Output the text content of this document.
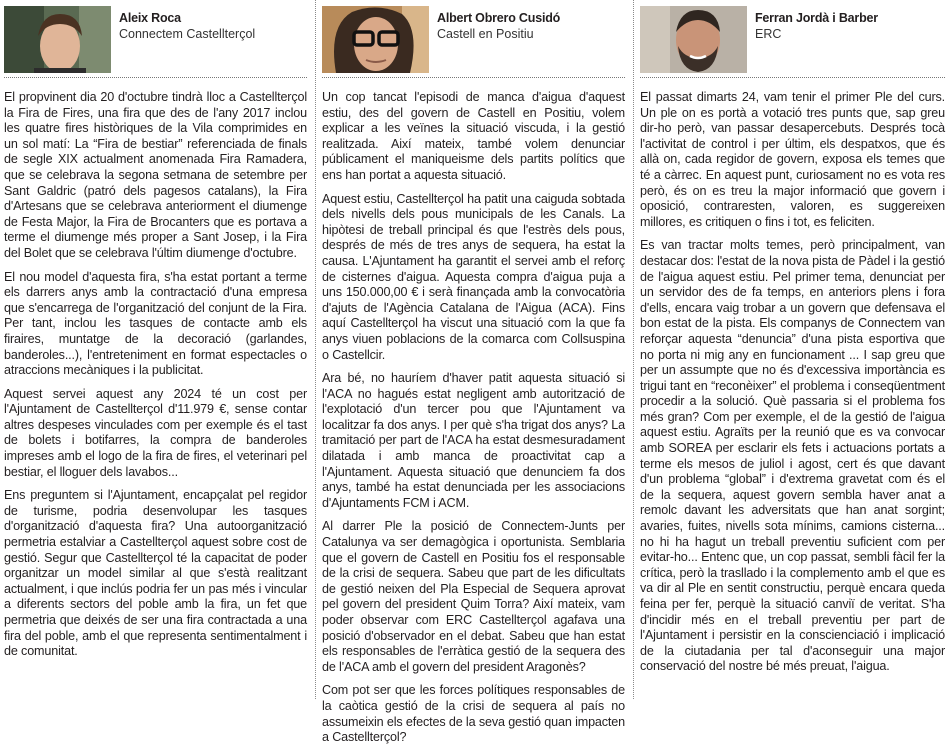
Aleix Roca
Connectem Castellterçol

El propvinent dia 20 d'octubre tindrà lloc a Castellterçol la Fira de Fires, una fira que des de l'any 2017 inclou les quatre fires històriques de la Vila comprimides en un sol matí: La “Fira de bestiar” referenciada de finals de segle XIX actualment anomenada Fira Ramadera, que se celebrava la segona setmana de setembre per Sant Galdric (patró dels pagesos catalans), la Fira d'Artesans que se celebrava anteriorment el diumenge de Festa Major, la Fira de Brocanters que es portava a terme el diumenge més proper a Sant Josep, i la Fira del Bolet que se celebrava l'últim diumenge d'octubre.

El nou model d'aquesta fira, s'ha estat portant a terme els darrers anys amb la contractació d'una empresa que s'encarrega de l'organització del conjunt de la Fira. Per tant, inclou les tasques de contacte amb els firaires, muntatge de la decoració (garlandes, banderoles...), l'entreteniment en format espectacles o atraccions mecàniques i la publicitat.

Aquest servei aquest any 2024 té un cost per l'Ajuntament de Castellterçol d'11.979 €, sense contar altres despeses vinculades com per exemple és el tast de bolets i botifarres, la compra de banderoles impreses amb el logo de la fira de fires, el veterinari pel bestiar, el lloguer dels lavabos...

Ens preguntem si l'Ajuntament, encapçalat pel regidor de turisme, podria desenvolupar les tasques d'organització d'aquesta fira? Una autoorganització permetria estalviar a Castellterçol aquest sobre cost de gestió. Segur que Castellterçol té la capacitat de poder organitzar un model similar al que s'està realitzant actualment, i que inclús podria fer un pas més i vincular a diferents sectors del poble amb la fira, un fet que permetria que deixés de ser una fira contractada a una fira del poble, amb el que representa sentimentalment i de comunitat.

Albert Obrero Cusidó
Castell en Positiu

Un cop tancat l'episodi de manca d'aigua d'aquest estiu, des del govern de Castell en Positiu, volem explicar a les veïnes la situació viscuda, i la gestió realitzada. Així mateix, també volem denunciar públicament el maniqueisme dels partits polítics que ens han portat a aquesta situació.

Aquest estiu, Castellterçol ha patit una caiguda sobtada dels nivells dels pous municipals de les Canals. La hipòtesi de treball principal és que l'estrès dels pous, després de més de tres anys de sequera, ha estat la causa. L'Ajuntament ha garantit el servei amb el reforç de cisternes d'aigua. Aquesta compra d'aigua puja a uns 150.000,00 € i serà finançada amb la convocatòria d'ajuts de l'Agència Catalana de l'Aigua (ACA). Fins aquí Castellterçol ha viscut una situació com la que fa anys viuen poblacions de la comarca com Collsuspina o Castellcir.

Ara bé, no hauríem d'haver patit aquesta situació si l'ACA no hagués estat negligent amb autorització de l'explotació d'un tercer pou que l'Ajuntament va localitzar fa dos anys. I per què s'ha trigat dos anys? La tramitació per part de l'ACA ha estat desmesuradament dilatada i amb manca de proactivitat cap a l'Ajuntament. Aquesta situació que denunciem fa dos anys, també ha estat denunciada per les associacions d'Ajuntaments FCM i ACM.

Al darrer Ple la posició de Connectem-Junts per Catalunya va ser demagògica i oportunista. Semblaria que el govern de Castell en Positiu fos el responsable de la crisi de sequera. Sabeu que part de les dificultats de gestió neixen del Pla Especial de Sequera aprovat pel govern del president Quim Torra? Així mateix, vam poder observar com ERC Castellterçol agafava una posició d'observador en el debat. Sabeu que han estat els responsables de l'erràtica gestió de la sequera des de l'ACA amb el govern del president Aragonès?

Com pot ser que les forces polítiques responsables de la caòtica gestió de la crisi de sequera al país no assumeixin els efectes de la seva gestió quan impacten a Castellterçol?

Ferran Jordà i Barber
ERC

El passat dimarts 24, vam tenir el primer Ple del curs. Un ple on es portà a votació tres punts que, sap greu dir-ho però, van passar desapercebuts. Després tocà l'activitat de control i per últim, els despatxos, que és allà on, cada regidor de govern, exposa els temes que té a càrrec. En aquest punt, curiosament no es vota res però, és on es treu la major informació que govern i oposició, contraresten, valoren, es suggereixen millores, es critiquen o fins i tot, es feliciten.

Es van tractar molts temes, però principalment, van destacar dos: l'estat de la nova pista de Pàdel i la gestió de l'aigua aquest estiu. Pel primer tema, denunciat per un servidor des de fa temps, en anteriors plens i fora d'ells, encara vaig trobar a un govern que defensava el bon estat de la pista. Els companys de Connectem van reforçar aquesta “denuncia” d'una pista esportiva que no porta ni mig any en funcionament ... I sap greu que per un assumpte que no és d'excessiva importància es trigui tant en “reconèixer” el problema i conseqüentment procedir a la solució. Què passaria si el problema fos més gran? Com per exemple, el de la gestió de l'aigua aquest estiu. Agraïts per la reunió que es va convocar amb SOREA per esclarir els fets i actuacions portats a terme els mesos de juliol i agost, cert és que davant d'un problema “global” i d'extrema gravetat com és el de la sequera, aquest govern sembla haver anat a remolc davant les adversitats que han anat sorgint; avaries, fuites, nivells sota mínims, camions cisterna... no hi ha hagut un treball preventiu suficient com per evitar-ho... Entenc que, un cop passat, sembli fàcil fer la crítica, però la trasllado i la complemento amb el que es va dir al Ple en sentit constructiu, perquè encara queda feina per fer, perquè la situació canviï de veritat. S'ha d'incidir més en el treball preventiu per part de l'Ajuntament i persistir en la conscienciació i implicació de la ciutadania per tal d'aconseguir una major conservació del nostre bé més preuat, l'aigua.
